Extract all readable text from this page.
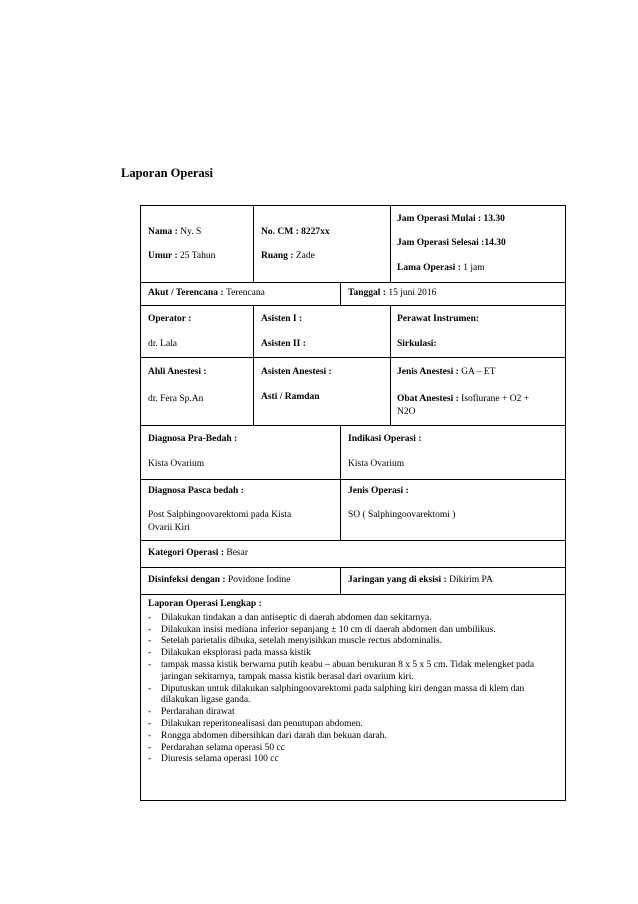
Laporan Operasi
Nama : Ny. S
Umur : 25 Tahun
No. CM : 8227xx
Ruang : Zade
Jam Operasi Mulai : 13.30
Jam Operasi Selesai :14.30
Lama Operasi : 1 jam
Akut / Terencana : Terencana	Tanggal : 15 juni 2016
Operator :
dr. Lala
Asisten I :
Asisten II :
Perawat Instrumen:
Sirkulasi:
Ahli Anestesi :
dr. Fera Sp.An
Asisten Anestesi :
Asti / Ramdan
Jenis Anestesi : GA – ET
Obat Anestesi : Isoflurane + O2 +
N2O
Diagnosa Pra-Bedah :
Kista Ovarium
Indikasi Operasi :
Kista Ovarium
Diagnosa Pasca bedah :
Post Salphingoovarektomi pada Kista
Ovarii Kiri
Jenis Operasi :
SO ( Salphingoovarektomi )
Kategori Operasi : Besar
Disinfeksi dengan : Povidone Iodine	Jaringan yang di eksisi : Dikirim PA
Laporan Operasi Lengkap :
- Dilakukan tindakan a dan antiseptic di daerah abdomen dan sekitarnya.
- Dilakukan insisi mediana inferior sepanjang ± 10 cm di daerah abdomen dan umbilikus.
- Setelah parietalis dibuka, setelah menyisihkan muscle rectus abdominalis.
- Dilakukan eksplorasi pada massa kistik
- tampak massa kistik berwarna putih keabu – abuan berukuran 8 x 5 x 5 cm. Tidak melengket pada jaringan sekitarnya, tampak massa kistik berasal dari ovarium kiri.
- Diputuskan untuk dilakukan salphingoovarektomi pada salphing kiri dengan massa di klem dan dilakukan ligase ganda.
- Perdarahan dirawat
- Dilakukan reperitonealisasi dan penutupan abdomen.
- Rongga abdomen dibersihkan dari darah dan bekuan darah.
- Perdarahan selama operasi 50 cc
- Diuresis selama operasi 100 cc
